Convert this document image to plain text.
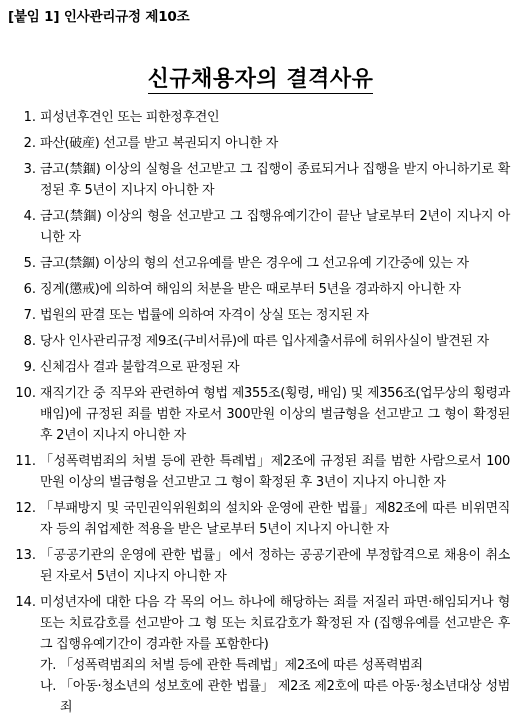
[붙임 1] 인사관리규정 제10조
신규채용자의 결격사유
1. 피성년후견인 또는 피한정후견인
2. 파산(破産) 선고를 받고 복권되지 아니한 자
3. 금고(禁錮) 이상의 실형을 선고받고 그 집행이 종료되거나 집행을 받지 아니하기로 확정된 후 5년이 지나지 아니한 자
4. 금고(禁錮) 이상의 형을 선고받고 그 집행유예기간이 끝난 날로부터 2년이 지나지 아니한 자
5. 금고(禁錮) 이상의 형의 선고유예를 받은 경우에 그 선고유예 기간중에 있는 자
6. 징계(懲戒)에 의하여 해임의 처분을 받은 때로부터 5년을 경과하지 아니한 자
7. 법원의 판결 또는 법률에 의하여 자격이 상실 또는 정지된 자
8. 당사 인사관리규정 제9조(구비서류)에 따른 입사제출서류에 허위사실이 발견된 자
9. 신체검사 결과 불합격으로 판정된 자
10. 재직기간 중 직무와 관련하여 형법 제355조(횡령, 배임) 및 제356조(업무상의 횡령과 배임)에 규정된 죄를 범한 자로서 300만원 이상의 벌금형을 선고받고 그 형이 확정된 후 2년이 지나지 아니한 자
11. 「성폭력범죄의 처벌 등에 관한 특례법」제2조에 규정된 죄를 범한 사람으로서 100만원 이상의 벌금형을 선고받고 그 형이 확정된 후 3년이 지나지 아니한 자
12. 「부패방지 및 국민권익위원회의 설치와 운영에 관한 법률」제82조에 따른 비위면직자 등의 취업제한 적용을 받은 날로부터 5년이 지나지 아니한 자
13. 「공공기관의 운영에 관한 법률」에서 정하는 공공기관에 부정합격으로 채용이 취소된 자로서 5년이 지나지 아니한 자
14. 미성년자에 대한 다음 각 목의 어느 하나에 해당하는 죄를 저질러 파면·해임되거나 형 또는 치료감호를 선고받아 그 형 또는 치료감호가 확정된 자 (집행유예를 선고받은 후 그 집행유예기간이 경과한 자를 포함한다)
가. 「성폭력범죄의 처벌 등에 관한 특례법」제2조에 따른 성폭력범죄
나. 「아동·청소년의 성보호에 관한 법률」 제2조 제2호에 따른 아동·청소년대상 성범죄
